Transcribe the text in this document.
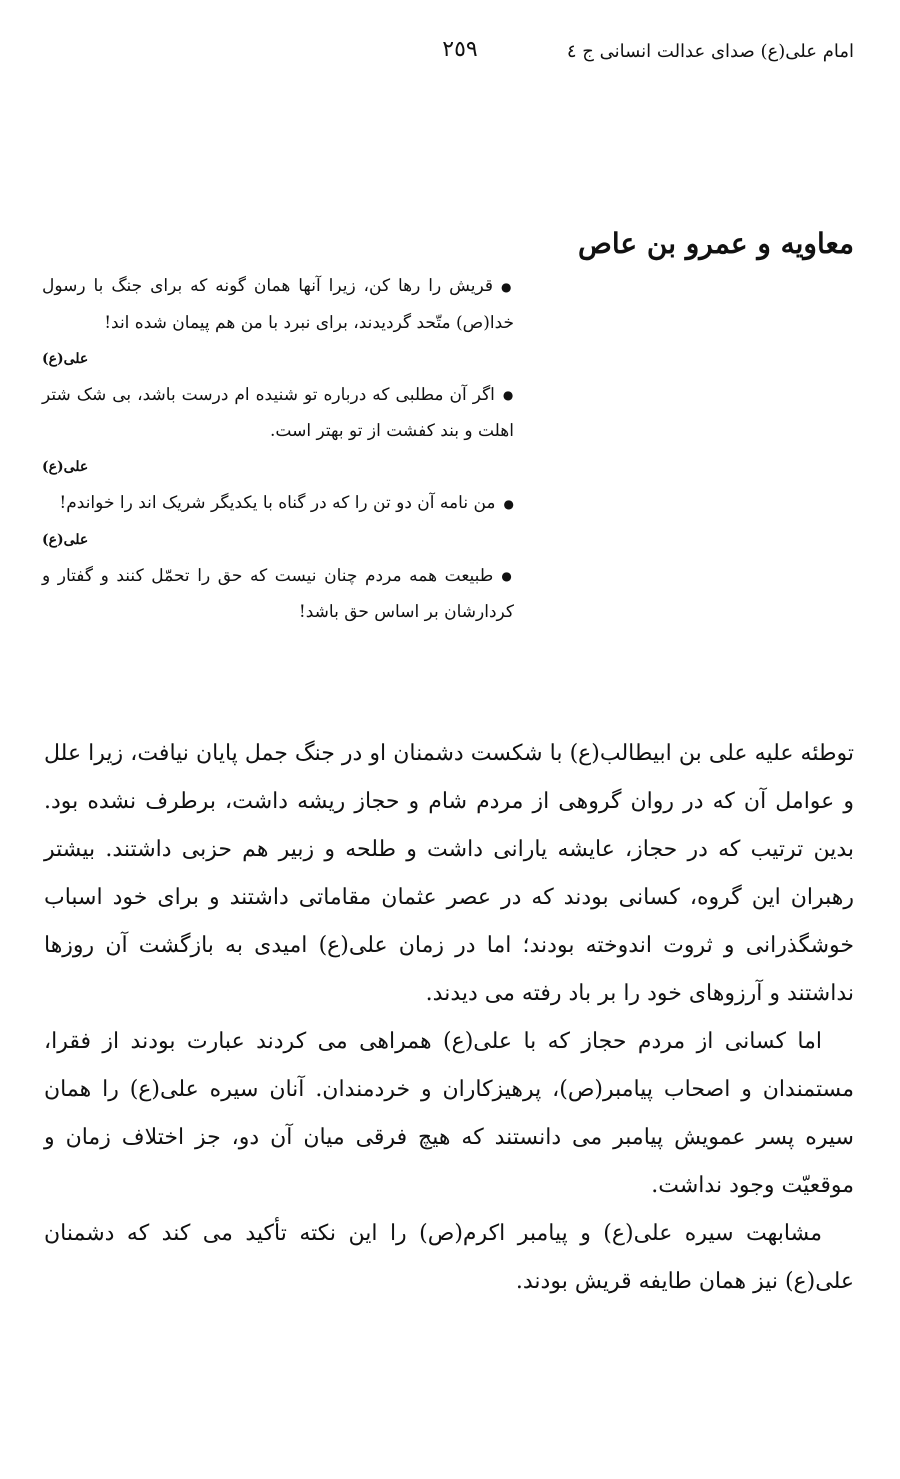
امام علی(ع) صدای عدالت انسانی ج ٤
٢٥٩
معاویه و عمرو بن عاص

●قریش را رها کن، زیرا آنها همان گونه که برای جنگ با رسول خدا(ص) متّحد گردیدند، برای نبرد با من هم پیمان شده اند!

علی(ع)

●اگر آن مطلبی که درباره تو شنیده ام درست باشد، بی شک شتر اهلت و بند کفشت از تو بهتر است.

علی(ع)

●من نامه آن دو تن را که در گناه با یکدیگر شریک اند را خواندم!

علی(ع)

●طبیعت همه مردم چنان نیست که حق را تحمّل کنند و گفتار و کردارشان بر اساس حق باشد!

توطئه علیه علی بن ابیطالب(ع) با شکست دشمنان او در جنگ جمل پایان نیافت، زیرا علل و عوامل آن که در روان گروهی از مردم شام و حجاز ریشه داشت، برطرف نشده بود. بدین ترتیب که در حجاز، عایشه یارانی داشت و طلحه و زبیر هم حزبی داشتند. بیشتر رهبران این گروه، کسانی بودند که در عصر عثمان مقاماتی داشتند و برای خود اسباب خوشگذرانی و ثروت اندوخته بودند؛ اما در زمان علی(ع) امیدی به بازگشت آن روزها نداشتند و آرزوهای خود را بر باد رفته می دیدند.

اما کسانی از مردم حجاز که با علی(ع) همراهی می کردند عبارت بودند از فقرا، مستمندان و اصحاب پیامبر(ص)، پرهیزکاران و خردمندان. آنان سیره علی(ع) را همان سیره پسر عمویش پیامبر می دانستند که هیچ فرقی میان آن دو، جز اختلاف زمان و موقعیّت وجود نداشت.

مشابهت سیره علی(ع) و پیامبر اکرم(ص) را این نکته تأکید می کند که دشمنان علی(ع) نیز همان طایفه قریش بودند.
